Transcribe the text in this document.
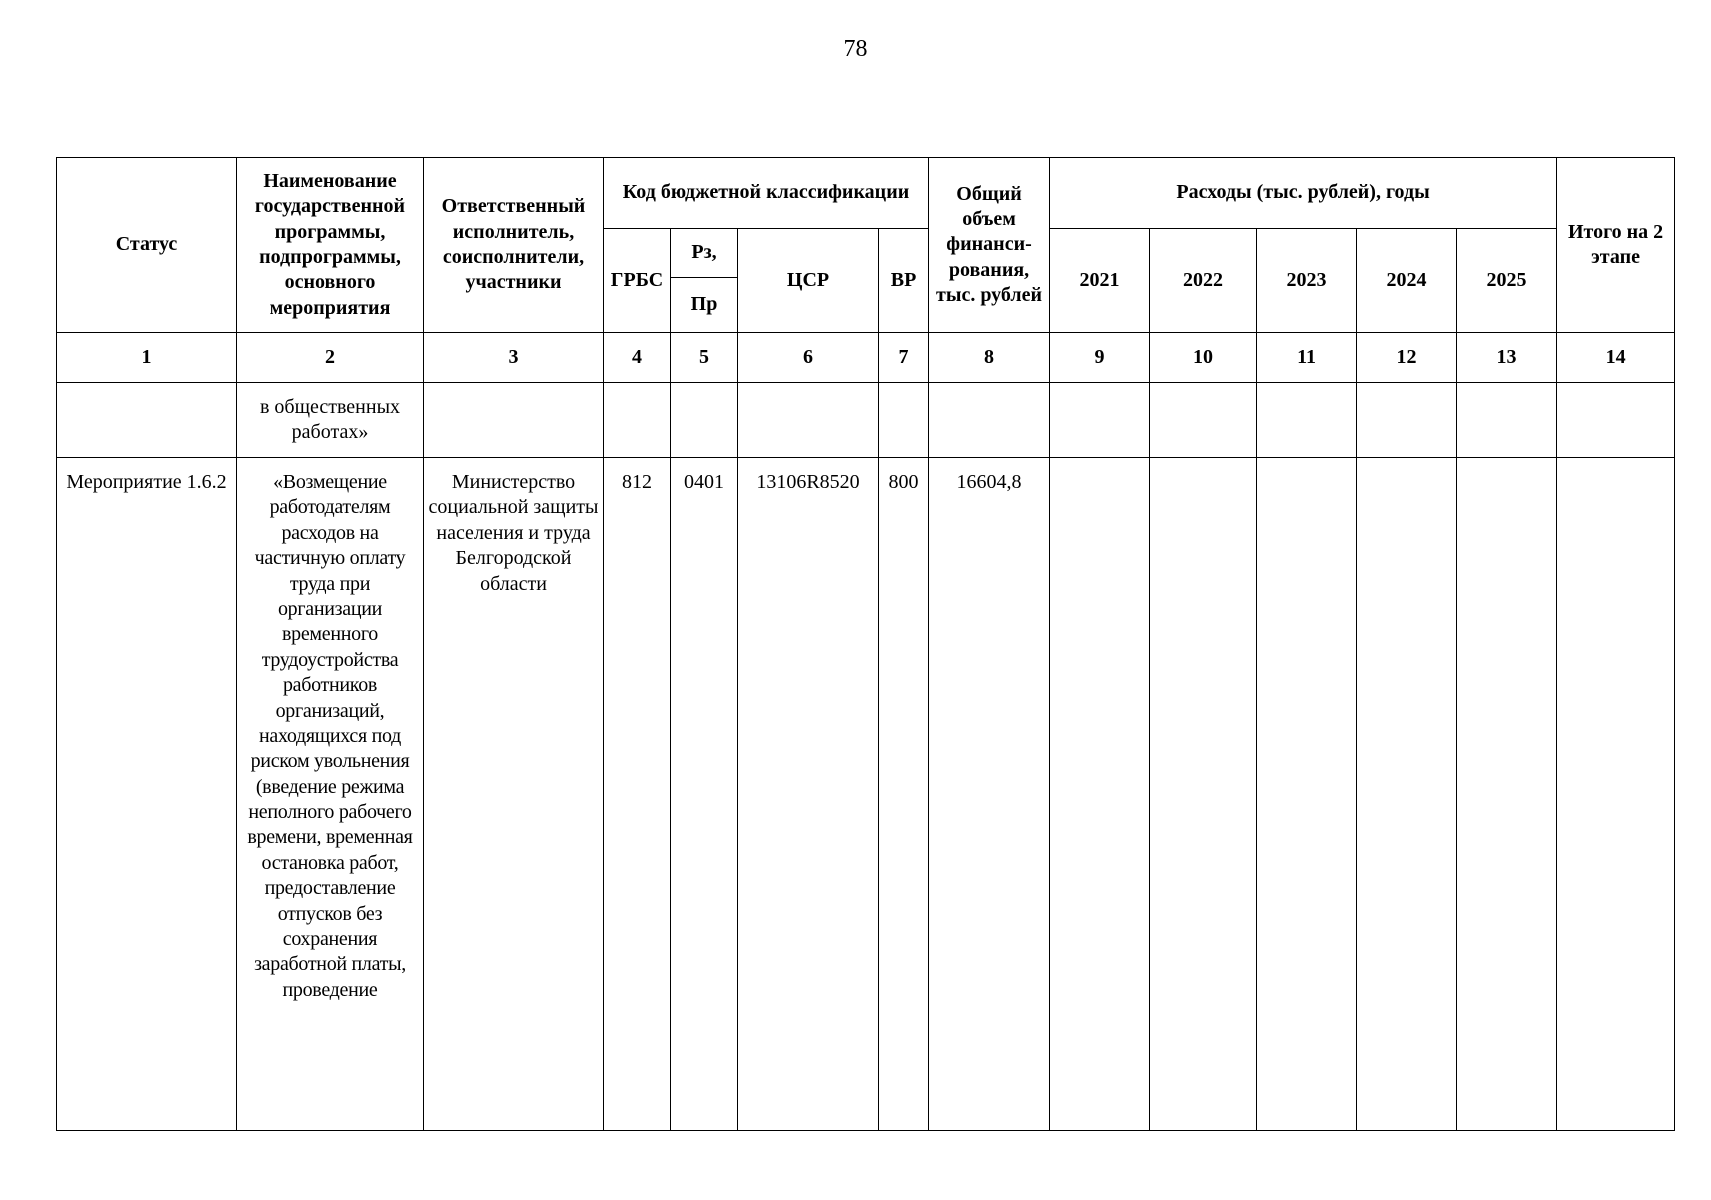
78
Статус	Наименование государственной программы, подпрограммы, основного мероприятия	Ответственный исполнитель, соисполнители, участники	Код бюджетной классификации				Общий объем финанси-рования, тыс. рублей	Расходы (тыс. рублей), годы					Итого на 2 этапе
			ГРБС	Рз,	ЦСР	ВР		2021	2022	2023	2024	2025	
				Пр									
1	2	3	4	5	6	7	8	9	10	11	12	13	14
	в общественных работах»												
Мероприятие 1.6.2	«Возмещение работодателям расходов на частичную оплату труда при организации временного трудоустройства работников организаций, находящихся под риском увольнения (введение режима неполного рабочего времени, временная остановка работ, предоставление отпусков без сохранения заработной платы, проведение	Министерство социальной защиты населения и труда Белгородской области	812	0401	13106R8520	800	16604,8						
